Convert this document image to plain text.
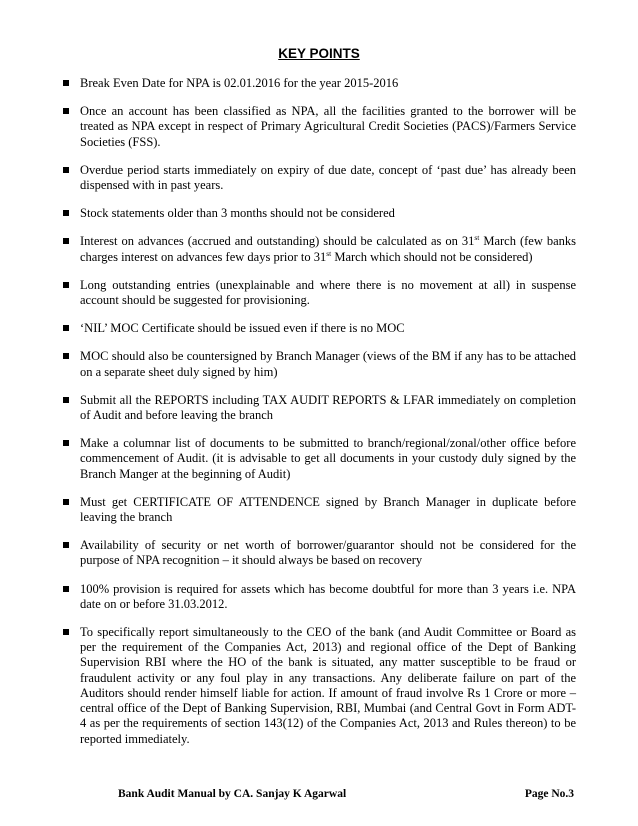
KEY POINTS
Break Even Date for NPA is 02.01.2016 for the year 2015-2016
Once an account has been classified as NPA, all the facilities granted to the borrower will be treated as NPA except in respect of Primary Agricultural Credit Societies (PACS)/Farmers Service Societies (FSS).
Overdue period starts immediately on expiry of due date, concept of ‘past due’ has already been dispensed with in past years.
Stock statements older than 3 months should not be considered
Interest on advances (accrued and outstanding) should be calculated as on 31st March (few banks charges interest on advances few days prior to 31st March which should not be considered)
Long outstanding entries (unexplainable and where there is no movement at all) in suspense account should be suggested for provisioning.
‘NIL’ MOC Certificate should be issued even if there is no MOC
MOC should also be countersigned by Branch Manager (views of the BM if any has to be attached on a separate sheet duly signed by him)
Submit all the REPORTS including TAX AUDIT REPORTS & LFAR immediately on completion of Audit and before leaving the branch
Make a columnar list of documents to be submitted to branch/regional/zonal/other office before commencement of Audit. (it is advisable to get all documents in your custody duly signed by the Branch Manger at the beginning of Audit)
Must get CERTIFICATE OF ATTENDENCE signed by Branch Manager in duplicate before leaving the branch
Availability of security or net worth of borrower/guarantor should not be considered for the purpose of NPA recognition – it should always be based on recovery
100% provision is required for assets which has become doubtful for more than 3 years i.e. NPA date on or before 31.03.2012.
To specifically report simultaneously to the CEO of the bank (and Audit Committee or Board as per the requirement of the Companies Act, 2013) and regional office of the Dept of Banking Supervision RBI where the HO of the bank is situated, any matter susceptible to be fraud or fraudulent activity or any foul play in any transactions. Any deliberate failure on part of the Auditors should render himself liable for action. If amount of fraud involve Rs 1 Crore or more – central office of the Dept of Banking Supervision, RBI, Mumbai (and Central Govt in Form ADT-4 as per the requirements of section 143(12) of the Companies Act, 2013 and Rules thereon) to be reported immediately.
Bank Audit Manual by CA. Sanjay K Agarwal	Page No.3
